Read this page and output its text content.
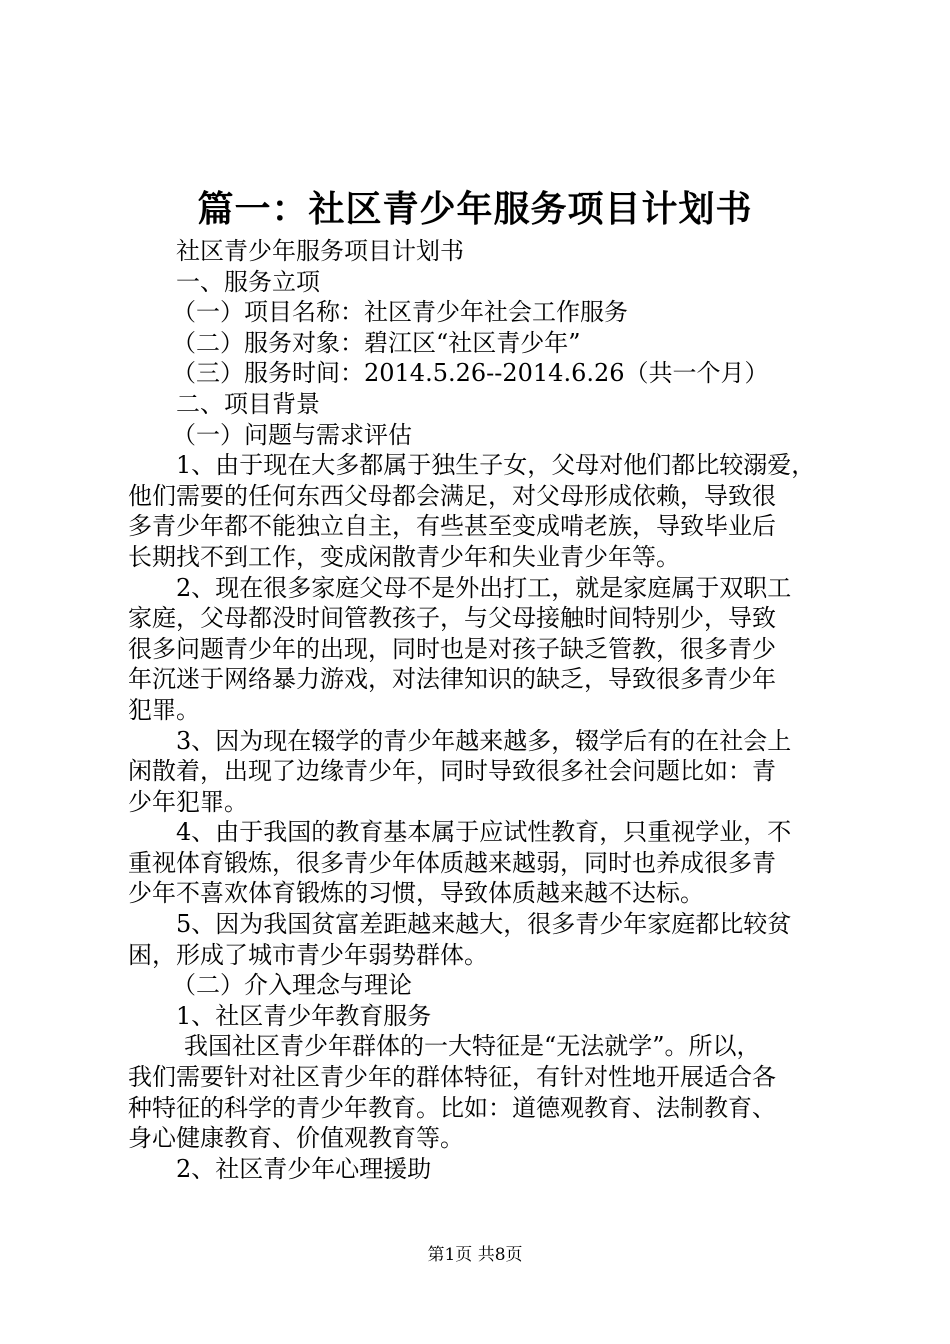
篇一：社区青少年服务项目计划书
社区青少年服务项目计划书
一、服务立项
（一）项目名称：社区青少年社会工作服务
（二）服务对象：碧江区“社区青少年”
（三）服务时间：2014.5.26--2014.6.26（共一个月）
二、项目背景
（一）问题与需求评估
1、由于现在大多都属于独生子女，父母对他们都比较溺爱，
他们需要的任何东西父母都会满足，对父母形成依赖，导致很
多青少年都不能独立自主，有些甚至变成啃老族，导致毕业后
长期找不到工作，变成闲散青少年和失业青少年等。
2、现在很多家庭父母不是外出打工，就是家庭属于双职工
家庭，父母都没时间管教孩子，与父母接触时间特别少，导致
很多问题青少年的出现，同时也是对孩子缺乏管教，很多青少
年沉迷于网络暴力游戏，对法律知识的缺乏，导致很多青少年
犯罪。
3、因为现在辍学的青少年越来越多，辍学后有的在社会上
闲散着，出现了边缘青少年，同时导致很多社会问题比如：青
少年犯罪。
4、由于我国的教育基本属于应试性教育，只重视学业，不
重视体育锻炼，很多青少年体质越来越弱，同时也养成很多青
少年不喜欢体育锻炼的习惯，导致体质越来越不达标。
5、因为我国贫富差距越来越大，很多青少年家庭都比较贫
困，形成了城市青少年弱势群体。
（二）介入理念与理论
1、社区青少年教育服务
我国社区青少年群体的一大特征是“无法就学”。所以，
我们需要针对社区青少年的群体特征，有针对性地开展适合各
种特征的科学的青少年教育。比如：道德观教育、法制教育、
身心健康教育、价值观教育等。
2、社区青少年心理援助
第1页 共8页
